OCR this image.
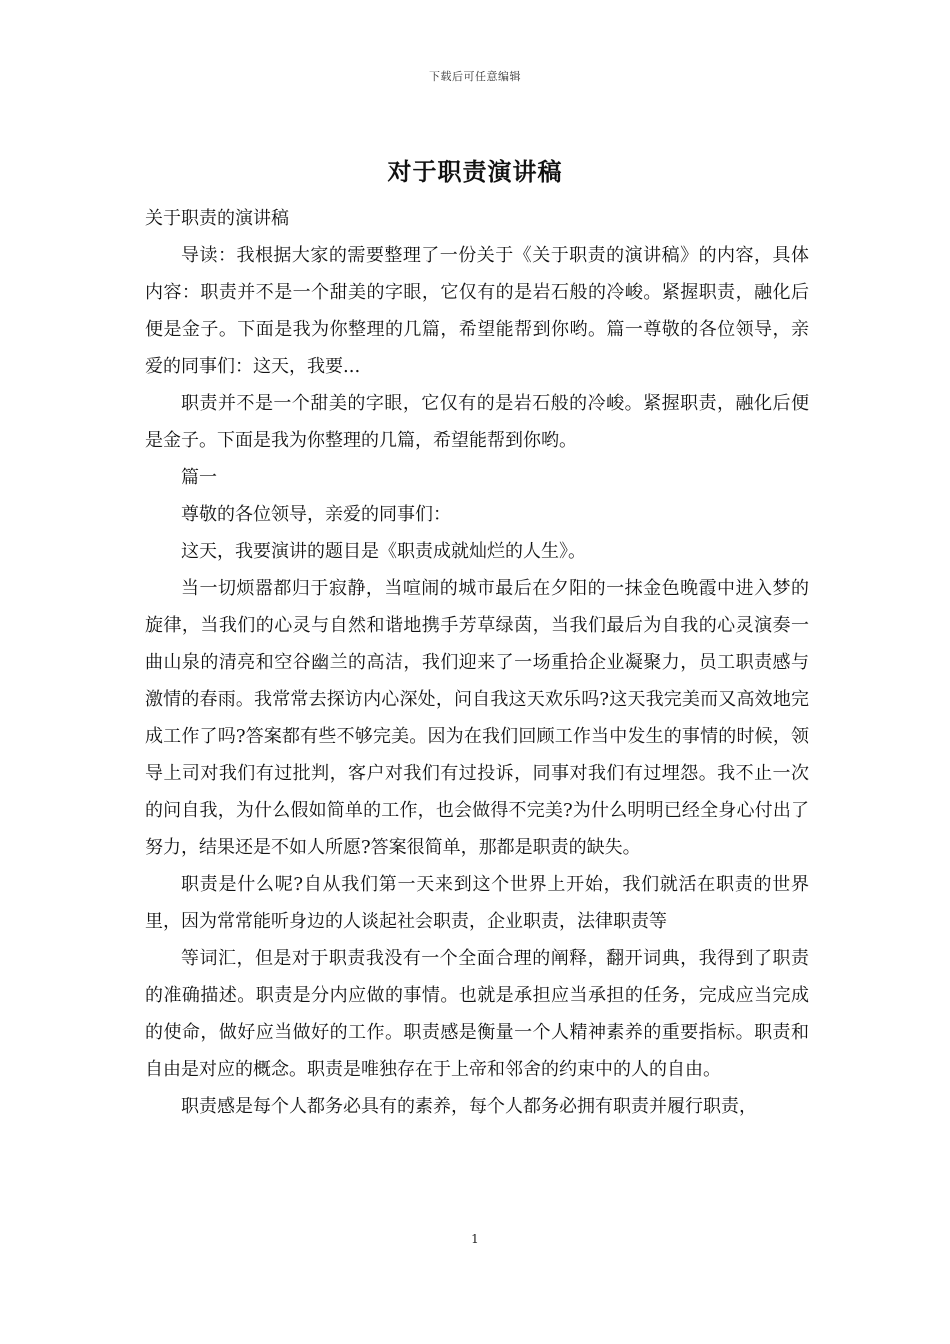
下载后可任意编辑
对于职责演讲稿

关于职责的演讲稿

导读：我根据大家的需要整理了一份关于《关于职责的演讲稿》的内容，具体内容：职责并不是一个甜美的字眼，它仅有的是岩石般的冷峻。紧握职责，融化后便是金子。下面是我为你整理的几篇，希望能帮到你哟。篇一尊敬的各位领导，亲爱的同事们：这天，我要...

职责并不是一个甜美的字眼，它仅有的是岩石般的冷峻。紧握职责，融化后便是金子。下面是我为你整理的几篇，希望能帮到你哟。

篇一

尊敬的各位领导，亲爱的同事们：

这天，我要演讲的题目是《职责成就灿烂的人生》。

当一切烦嚣都归于寂静，当喧闹的城市最后在夕阳的一抹金色晚霞中进入梦的旋律，当我们的心灵与自然和谐地携手芳草绿茵，当我们最后为自我的心灵演奏一曲山泉的清亮和空谷幽兰的高洁，我们迎来了一场重拾企业凝聚力，员工职责感与激情的春雨。我常常去探访内心深处，问自我这天欢乐吗?这天我完美而又高效地完成工作了吗?答案都有些不够完美。因为在我们回顾工作当中发生的事情的时候，领导上司对我们有过批判，客户对我们有过投诉，同事对我们有过埋怨。我不止一次的问自我，为什么假如简单的工作，也会做得不完美?为什么明明已经全身心付出了努力，结果还是不如人所愿?答案很简单，那都是职责的缺失。

职责是什么呢?自从我们第一天来到这个世界上开始，我们就活在职责的世界里，因为常常能听身边的人谈起社会职责，企业职责，法律职责等

等词汇，但是对于职责我没有一个全面合理的阐释，翻开词典，我得到了职责的准确描述。职责是分内应做的事情。也就是承担应当承担的任务，完成应当完成的使命，做好应当做好的工作。职责感是衡量一个人精神素养的重要指标。职责和自由是对应的概念。职责是唯独存在于上帝和邻舍的约束中的人的自由。

职责感是每个人都务必具有的素养，每个人都务必拥有职责并履行职责，

1
